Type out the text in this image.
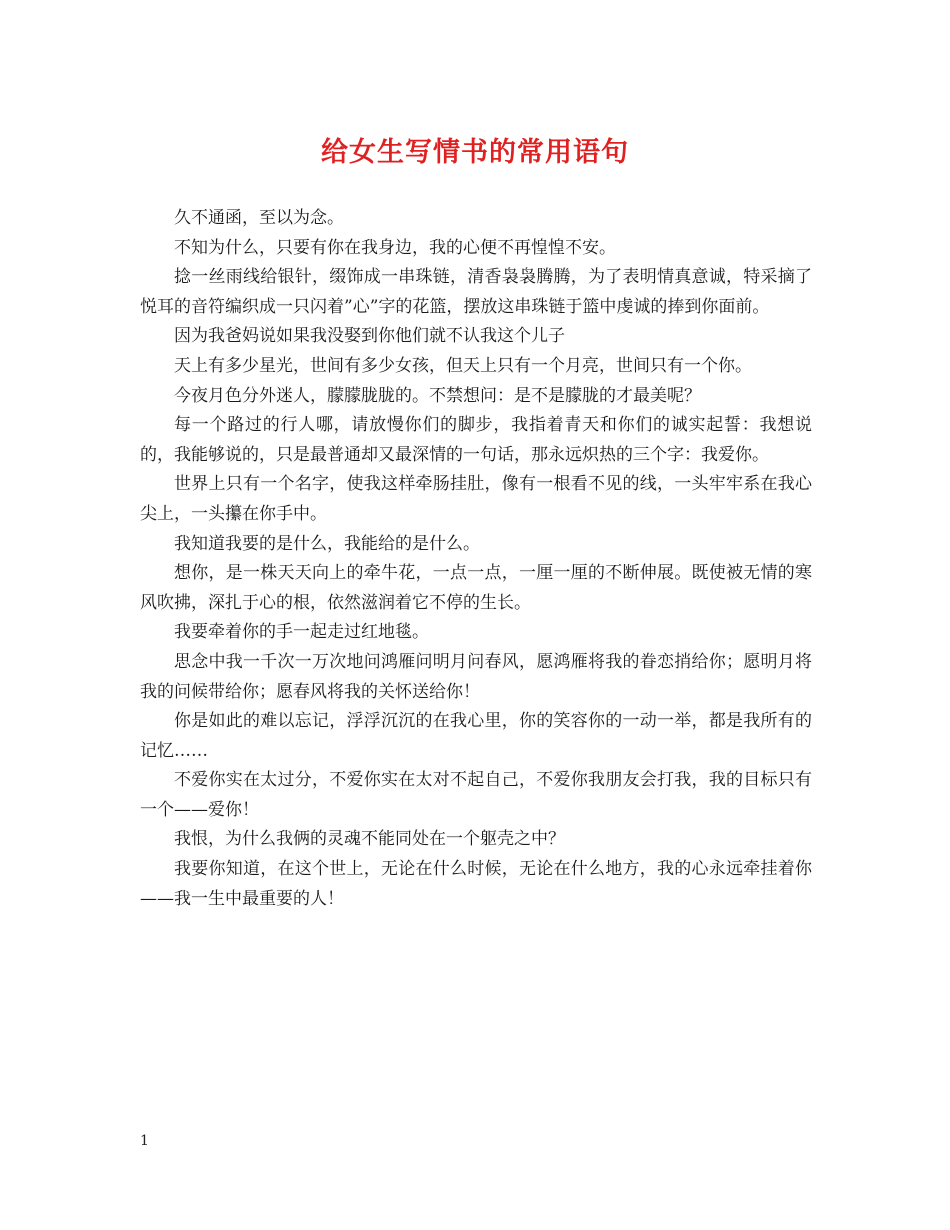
给女生写情书的常用语句

久不通函，至以为念。

不知为什么，只要有你在我身边，我的心便不再惶惶不安。

捻一丝雨线给银针，缀饰成一串珠链，清香袅袅腾腾，为了表明情真意诚，特采摘了悦耳的音符编织成一只闪着”心”字的花篮，摆放这串珠链于篮中虔诚的捧到你面前。

因为我爸妈说如果我没娶到你他们就不认我这个儿子

天上有多少星光，世间有多少女孩，但天上只有一个月亮，世间只有一个你。

今夜月色分外迷人，朦朦胧胧的。不禁想问：是不是朦胧的才最美呢？

每一个路过的行人哪，请放慢你们的脚步，我指着青天和你们的诚实起誓：我想说的，我能够说的，只是最普通却又最深情的一句话，那永远炽热的三个字：我爱你。

世界上只有一个名字，使我这样牵肠挂肚，像有一根看不见的线，一头牢牢系在我心尖上，一头攥在你手中。

我知道我要的是什么，我能给的是什么。

想你，是一株天天向上的牵牛花，一点一点，一厘一厘的不断伸展。既使被无情的寒风吹拂，深扎于心的根，依然滋润着它不停的生长。

我要牵着你的手一起走过红地毯。

思念中我一千次一万次地问鸿雁问明月问春风，愿鸿雁将我的眷恋捎给你；愿明月将我的问候带给你；愿春风将我的关怀送给你！

你是如此的难以忘记，浮浮沉沉的在我心里，你的笑容你的一动一举，都是我所有的记忆……

不爱你实在太过分，不爱你实在太对不起自己，不爱你我朋友会打我，我的目标只有一个——爱你！

我恨，为什么我俩的灵魂不能同处在一个躯壳之中？

我要你知道，在这个世上，无论在什么时候，无论在什么地方，我的心永远牵挂着你——我一生中最重要的人！

1
